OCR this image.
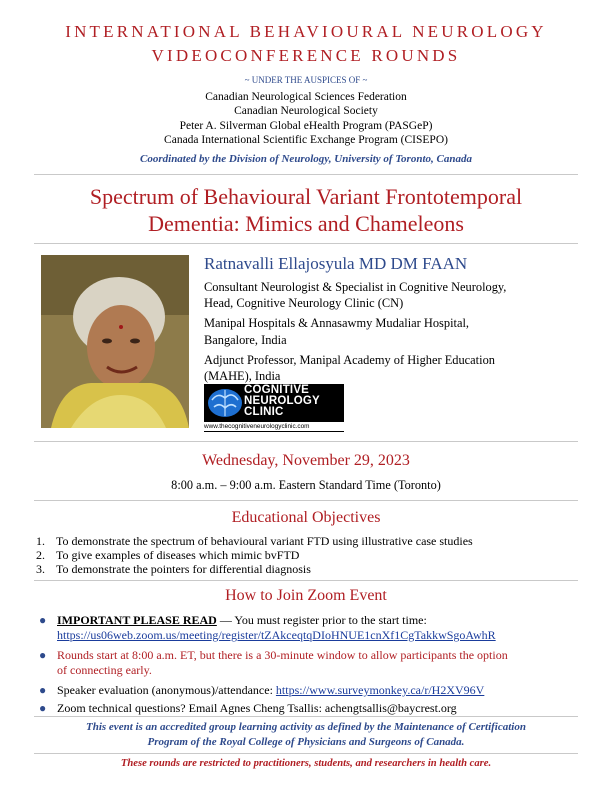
INTERNATIONAL BEHAVIOURAL NEUROLOGY
VIDEOCONFERENCE ROUNDS
~ UNDER THE AUSPICES OF ~
Canadian Neurological Sciences Federation
Canadian Neurological Society
Peter A. Silverman Global eHealth Program (PASGeP)
Canada International Scientific Exchange Program (CISEPO)
Coordinated by the Division of Neurology, University of Toronto, Canada
Spectrum of Behavioural Variant Frontotemporal
Dementia: Mimics and Chameleons
Ratnavalli Ellajosyula MD DM FAAN
Consultant Neurologist & Specialist in Cognitive Neurology,
Head, Cognitive Neurology Clinic (CN)
Manipal Hospitals & Annasawmy Mudaliar Hospital,
Bangalore, India
Adjunct Professor, Manipal Academy of Higher Education
(MAHE), India
COGNITIVE
NEUROLOGY
CLINIC
www.thecognitiveneurologyclinic.com
Wednesday, November 29, 2023
8:00 a.m. – 9:00 a.m. Eastern Standard Time (Toronto)
Educational Objectives
1. To demonstrate the spectrum of behavioural variant FTD using illustrative case studies
2. To give examples of diseases which mimic bvFTD
3. To demonstrate the pointers for differential diagnosis
How to Join Zoom Event
● IMPORTANT PLEASE READ — You must register prior to the start time:
https://us06web.zoom.us/meeting/register/tZAkceqtqDIoHNUE1cnXf1CgTakkwSgoAwhR
● Rounds start at 8:00 a.m. ET, but there is a 30-minute window to allow participants the option
of connecting early.
● Speaker evaluation (anonymous)/attendance: https://www.surveymonkey.ca/r/H2XV96V
● Zoom technical questions? Email Agnes Cheng Tsallis: achengtsallis@baycrest.org
This event is an accredited group learning activity as defined by the Maintenance of Certification
Program of the Royal College of Physicians and Surgeons of Canada.
These rounds are restricted to practitioners, students, and researchers in health care.
